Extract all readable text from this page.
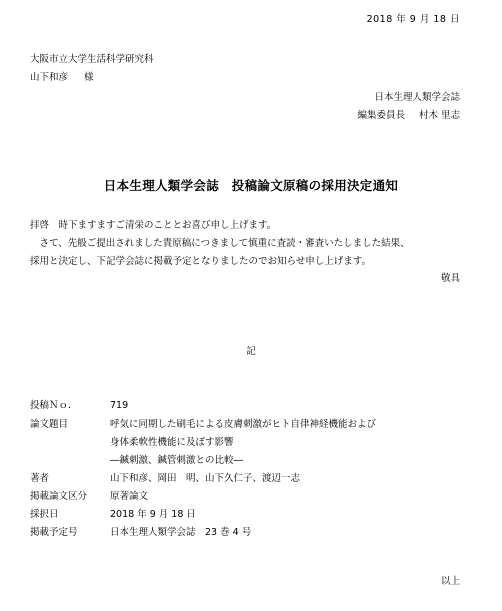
2018 年 9 月 18 日
大阪市立大学生活科学研究科
山下和彦 様
日本生理人類学会誌
編集委員長 村木 里志
日本生理人類学会誌　投稿論文原稿の採用決定通知
拝啓　時下ますますご清栄のこととお喜び申し上げます。
　さて、先般ご提出されました貴原稿につきまして慎重に査読・審査いたしました結果、
採用と決定し、下記学会誌に掲載予定となりましたのでお知らせ申し上げます。
敬具
記
投稿Ｎｏ．	719
論文題目	呼気に同期した刷毛による皮膚刺激がヒト自律神経機能および
身体柔軟性機能に及ぼす影響
―鍼刺激、鍼管刺激との比較―
著者	山下和彦、岡田　明、山下久仁子、渡辺一志
掲載論文区分 原著論文
採択日	2018 年 9 月 18 日
掲載予定号	日本生理人類学会誌　23 巻 4 号
以上
